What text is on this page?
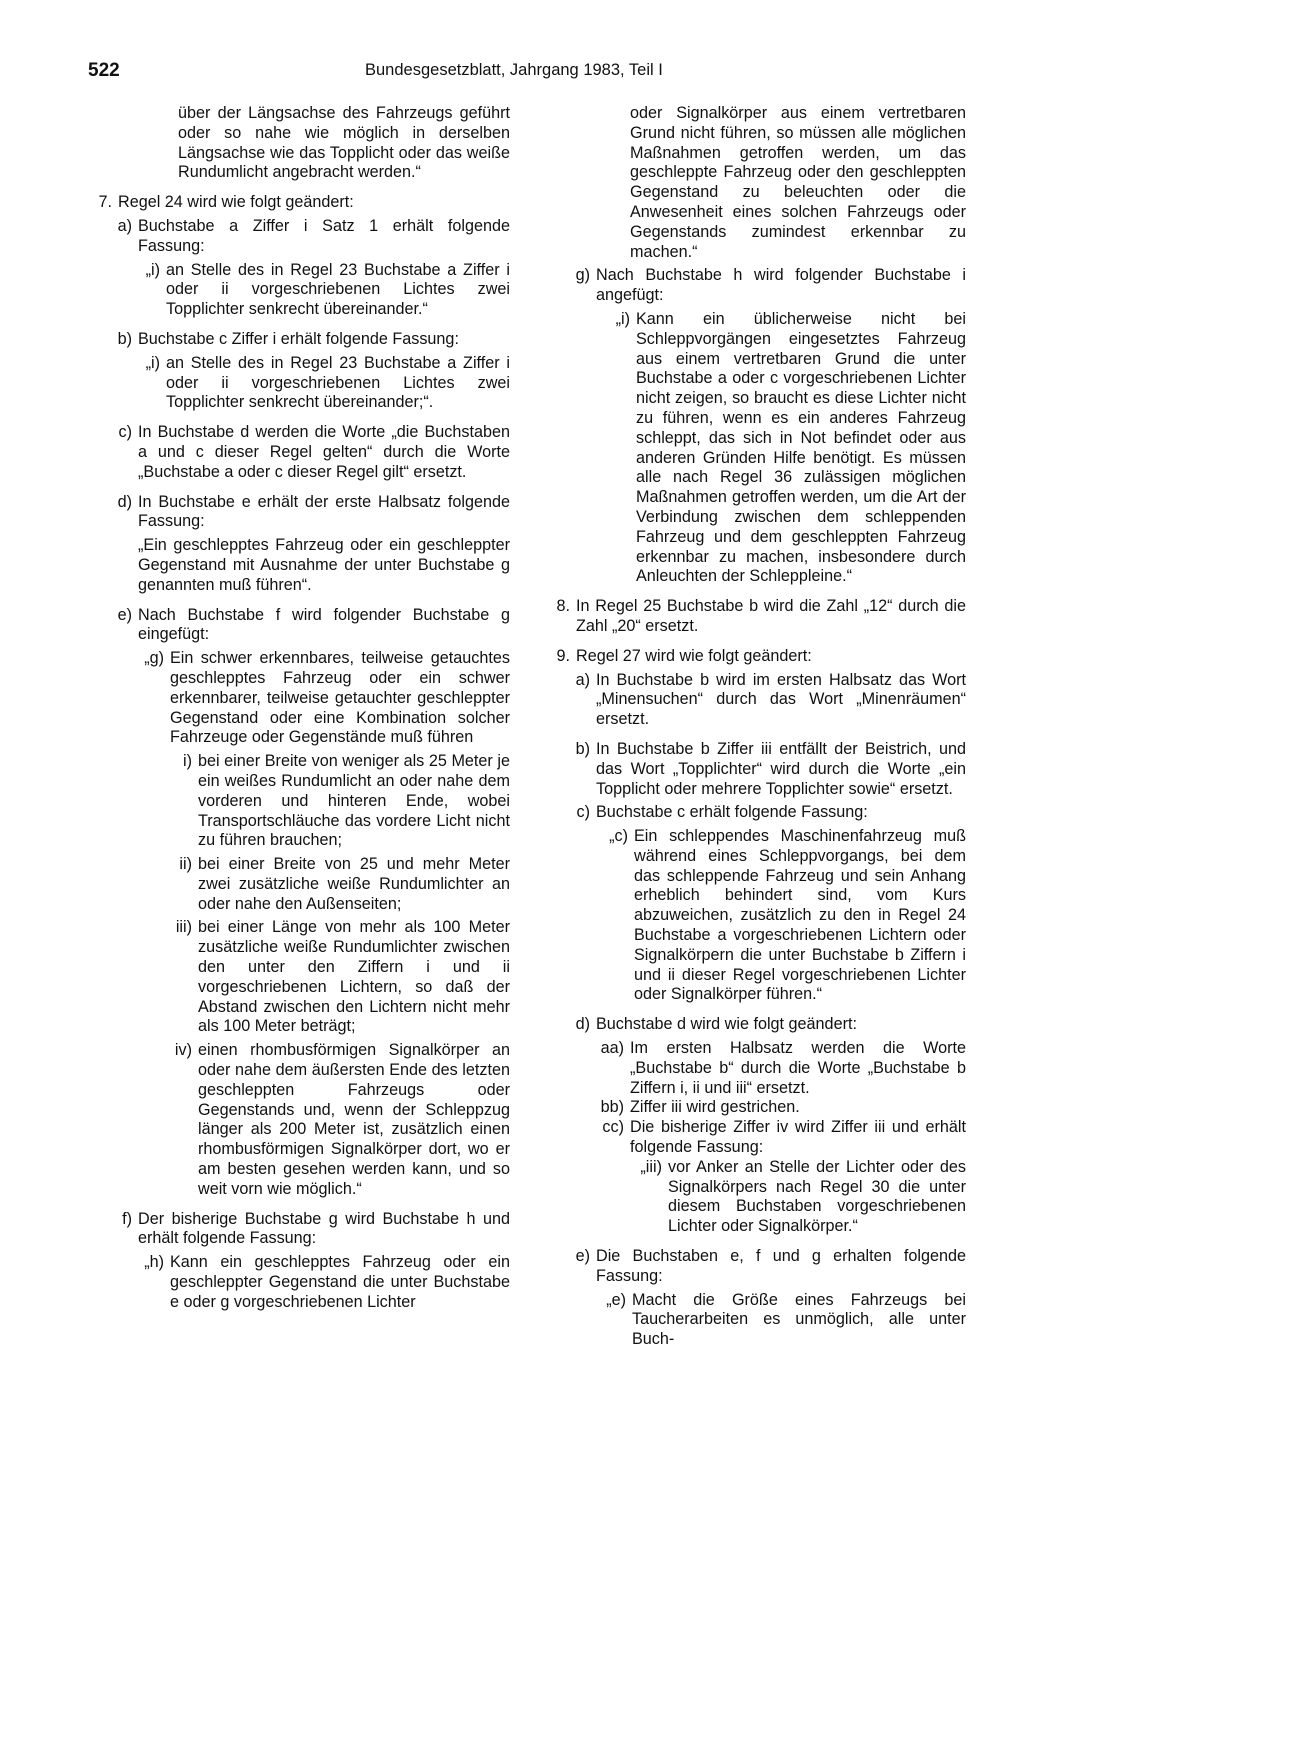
522	Bundesgesetzblatt, Jahrgang 1983, Teil I
über der Längsachse des Fahrzeugs geführt oder so nahe wie möglich in derselben Längsachse wie das Topplicht oder das weiße Rundumlicht angebracht werden.“
7. Regel 24 wird wie folgt geändert:
a) Buchstabe a Ziffer i Satz 1 erhält folgende Fassung:
„i) an Stelle des in Regel 23 Buchstabe a Ziffer i oder ii vorgeschriebenen Lichtes zwei Topplichter senkrecht übereinander.“
b) Buchstabe c Ziffer i erhält folgende Fassung:
„i) an Stelle des in Regel 23 Buchstabe a Ziffer i oder ii vorgeschriebenen Lichtes zwei Topplichter senkrecht übereinander;“.
c) In Buchstabe d werden die Worte „die Buchstaben a und c dieser Regel gelten“ durch die Worte „Buchstabe a oder c dieser Regel gilt“ ersetzt.
d) In Buchstabe e erhält der erste Halbsatz folgende Fassung:
„Ein geschlepptes Fahrzeug oder ein geschleppter Gegenstand mit Ausnahme der unter Buchstabe g genannten muß führen“.
e) Nach Buchstabe f wird folgender Buchstabe g eingefügt:
„g) Ein schwer erkennbares, teilweise getauchtes geschlepptes Fahrzeug oder ein schwer erkennbarer, teilweise getauchter geschleppter Gegenstand oder eine Kombination solcher Fahrzeuge oder Gegenstände muß führen
i) bei einer Breite von weniger als 25 Meter je ein weißes Rundumlicht an oder nahe dem vorderen und hinteren Ende, wobei Transportschläuche das vordere Licht nicht zu führen brauchen;
ii) bei einer Breite von 25 und mehr Meter zwei zusätzliche weiße Rundumlichter an oder nahe den Außenseiten;
iii) bei einer Länge von mehr als 100 Meter zusätzliche weiße Rundumlichter zwischen den unter den Ziffern i und ii vorgeschriebenen Lichtern, so daß der Abstand zwischen den Lichtern nicht mehr als 100 Meter beträgt;
iv) einen rhombusförmigen Signalkörper an oder nahe dem äußersten Ende des letzten geschleppten Fahrzeugs oder Gegenstands und, wenn der Schleppzug länger als 200 Meter ist, zusätzlich einen rhombusförmigen Signalkörper dort, wo er am besten gesehen werden kann, und so weit vorn wie möglich.“
f) Der bisherige Buchstabe g wird Buchstabe h und erhält folgende Fassung:
„h) Kann ein geschlepptes Fahrzeug oder ein geschleppter Gegenstand die unter Buchstabe e oder g vorgeschriebenen Lichter
oder Signalkörper aus einem vertretbaren Grund nicht führen, so müssen alle möglichen Maßnahmen getroffen werden, um das geschleppte Fahrzeug oder den geschleppten Gegenstand zu beleuchten oder die Anwesenheit eines solchen Fahrzeugs oder Gegenstands zumindest erkennbar zu machen.“
g) Nach Buchstabe h wird folgender Buchstabe i angefügt:
„i) Kann ein üblicherweise nicht bei Schleppvorgängen eingesetztes Fahrzeug aus einem vertretbaren Grund die unter Buchstabe a oder c vorgeschriebenen Lichter nicht zeigen, so braucht es diese Lichter nicht zu führen, wenn es ein anderes Fahrzeug schleppt, das sich in Not befindet oder aus anderen Gründen Hilfe benötigt. Es müssen alle nach Regel 36 zulässigen möglichen Maßnahmen getroffen werden, um die Art der Verbindung zwischen dem schleppenden Fahrzeug und dem geschleppten Fahrzeug erkennbar zu machen, insbesondere durch Anleuchten der Schleppleine.“
8. In Regel 25 Buchstabe b wird die Zahl „12“ durch die Zahl „20“ ersetzt.
9. Regel 27 wird wie folgt geändert:
a) In Buchstabe b wird im ersten Halbsatz das Wort „Minensuchen“ durch das Wort „Minenräumen“ ersetzt.
b) In Buchstabe b Ziffer iii entfällt der Beistrich, und das Wort „Topplichter“ wird durch die Worte „ein Topplicht oder mehrere Topplichter sowie“ ersetzt.
c) Buchstabe c erhält folgende Fassung:
„c) Ein schleppendes Maschinenfahrzeug muß während eines Schleppvorgangs, bei dem das schleppende Fahrzeug und sein Anhang erheblich behindert sind, vom Kurs abzuweichen, zusätzlich zu den in Regel 24 Buchstabe a vorgeschriebenen Lichtern oder Signalkörpern die unter Buchstabe b Ziffern i und ii dieser Regel vorgeschriebenen Lichter oder Signalkörper führen.“
d) Buchstabe d wird wie folgt geändert:
aa) Im ersten Halbsatz werden die Worte „Buchstabe b“ durch die Worte „Buchstabe b Ziffern i, ii und iii“ ersetzt.
bb) Ziffer iii wird gestrichen.
cc) Die bisherige Ziffer iv wird Ziffer iii und erhält folgende Fassung:
„iii) vor Anker an Stelle der Lichter oder des Signalkörpers nach Regel 30 die unter diesem Buchstaben vorgeschriebenen Lichter oder Signalkörper.“
e) Die Buchstaben e, f und g erhalten folgende Fassung:
„e) Macht die Größe eines Fahrzeugs bei Taucherarbeiten es unmöglich, alle unter Buch-
